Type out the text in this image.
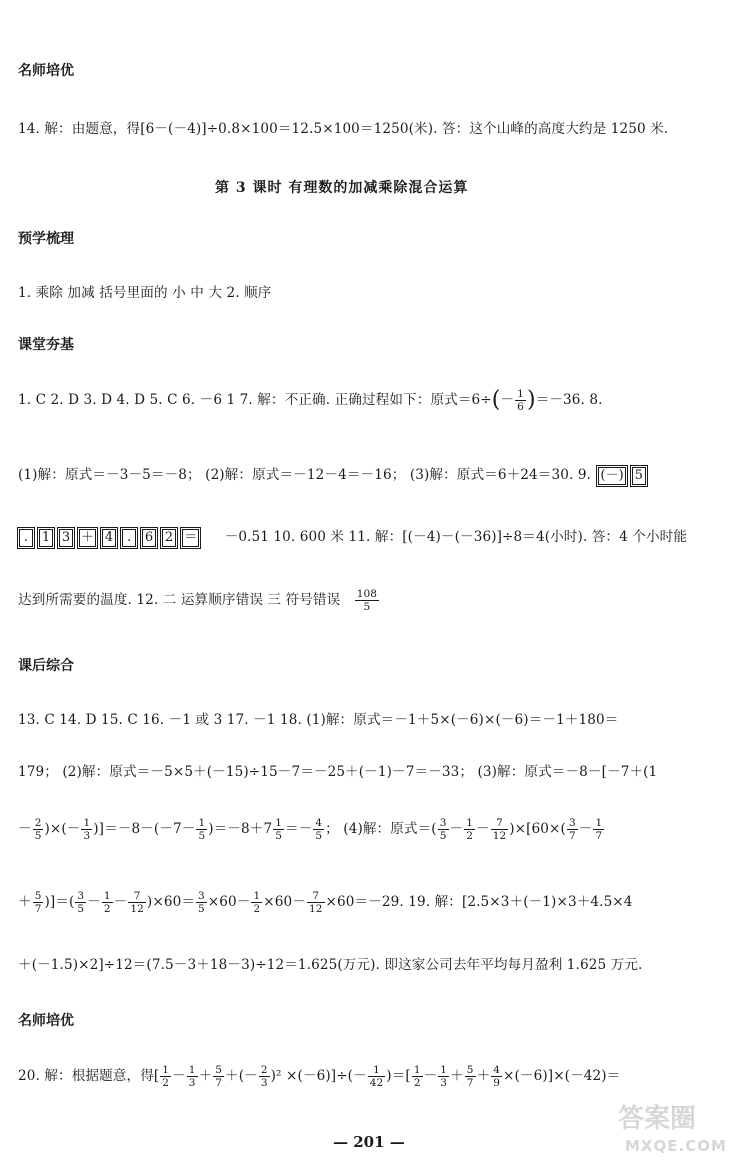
名师培优
14. 解：由题意，得[6－(－4)]÷0.8×100＝12.5×100＝1250(米). 答：这个山峰的高度大约是 1250 米.
第 3 课时 有理数的加减乘除混合运算
预学梳理
1. 乘除 加减 括号里面的 小 中 大 2. 顺序
课堂夯基
1. C 2. D 3. D 4. D 5. C 6. －6 1 7. 解：不正确. 正确过程如下：原式$=6\div(- \frac{1}{6} )=-36$. 8.
(1)解：原式＝－3－5＝－8； (2)解：原式＝－12－4＝－16； (3)解：原式＝6＋24＝30. 9. (－) 5
. 1 3 ＋ 4 . 6 2 ＝ －0.51 10. 600 米 11. 解：[(－4)－(－36)]÷8＝4(小时). 答：4 个小时能
达到所需要的温度. 12. 二 运算顺序错误 三 符号错误 $\frac{108}{5}$
课后综合
13. C 14. D 15. C 16. －1 或 3 17. －1 18. (1)解：原式＝－1＋5×(－6)×(－6)＝－1＋180＝
179； (2)解：原式＝－5×5＋(－15)÷15－7＝－25＋(－1)－7＝－33； (3)解：原式＝－8－[－7＋(1
－ $\frac{2}{5}$ )×(－ $\frac{1}{3} )]=-8-(-7- \frac{1}{5} )=-8+7 \frac{1}{5} =- \frac{4}{5}$ ； (4)解：原式＝( $\frac{3}{5} - \frac{1}{2} - \frac{7}{12} )\times[60\times( \frac{3}{7} - \frac{1}{7}$
＋ $\frac{5}{7}$ )]＝( $\frac{3}{5} - \frac{1}{2} - \frac{7}{12} )\times 60= \frac{3}{5} \times 60- \frac{1}{2} \times 60- \frac{7}{12} \times 60=-29$. 19. 解：[2.5×3＋(－1)×3＋4.5×4
＋(－1.5)×2]÷12＝(7.5－3＋18－3)÷12＝1.625(万元). 即这家公司去年平均每月盈利 1.625 万元.
名师培优
20. 解：根据题意，得[ $\frac{1}{2} - \frac{1}{3} + \frac{5}{7}$ ＋(－ $\frac{2}{3} )^2 \times(-6)]\div(- \frac{1}{42}$ )＝[ $\frac{1}{2} - \frac{1}{3} + \frac{5}{7} + \frac{4}{9} \times(-6)]\times(-42)=$
— 201 —
答案圈
MXQE.COM
